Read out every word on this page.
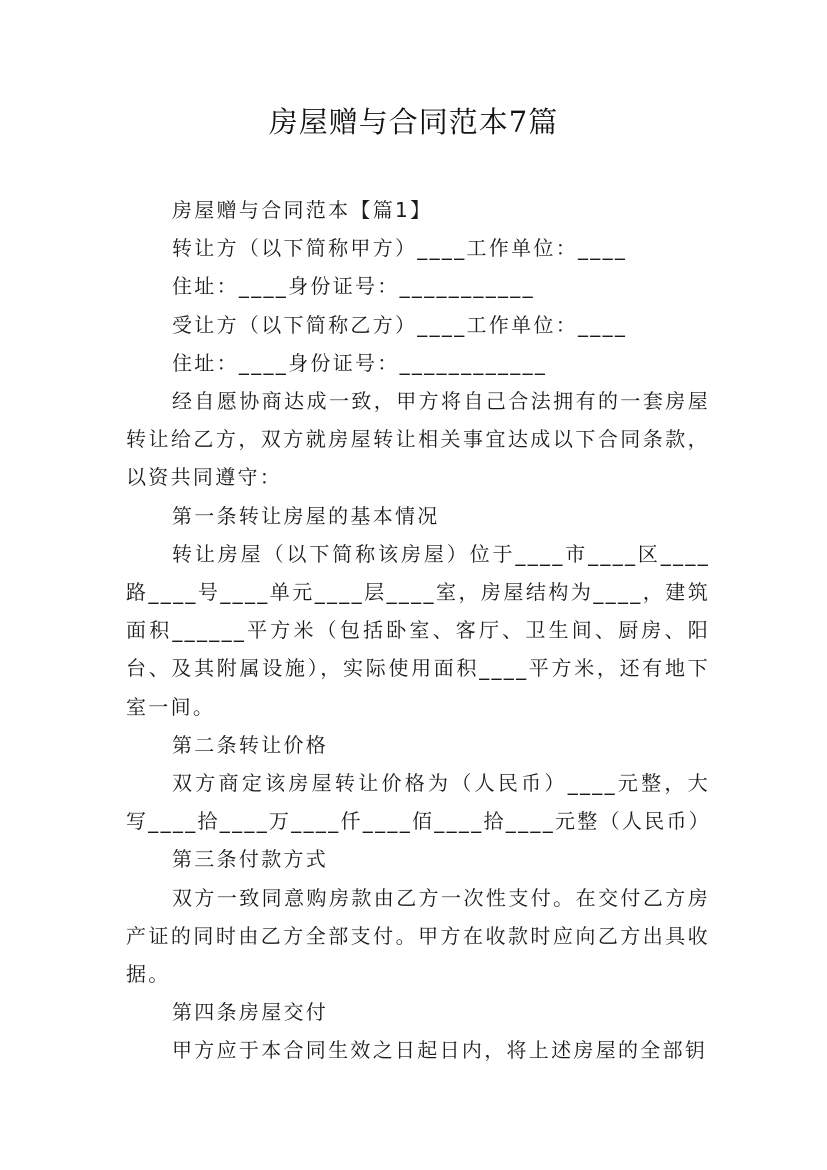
房屋赠与合同范本7篇

房屋赠与合同范本【篇1】

转让方（以下简称甲方）____工作单位：____

住址：____身份证号：___________

受让方（以下简称乙方）____工作单位：____

住址：____身份证号：____________

经自愿协商达成一致，甲方将自己合法拥有的一套房屋转让给乙方，双方就房屋转让相关事宜达成以下合同条款，以资共同遵守：

第一条转让房屋的基本情况

转让房屋（以下简称该房屋）位于____市____区____路____号____单元____层____室，房屋结构为____，建筑面积______平方米（包括卧室、客厅、卫生间、厨房、阳台、及其附属设施），实际使用面积____平方米，还有地下室一间。

第二条转让价格

双方商定该房屋转让价格为（人民币）____元整，大写____拾____万____仟____佰____拾____元整（人民币）

第三条付款方式

双方一致同意购房款由乙方一次性支付。在交付乙方房产证的同时由乙方全部支付。甲方在收款时应向乙方出具收据。

第四条房屋交付

甲方应于本合同生效之日起日内，将上述房屋的全部钥
